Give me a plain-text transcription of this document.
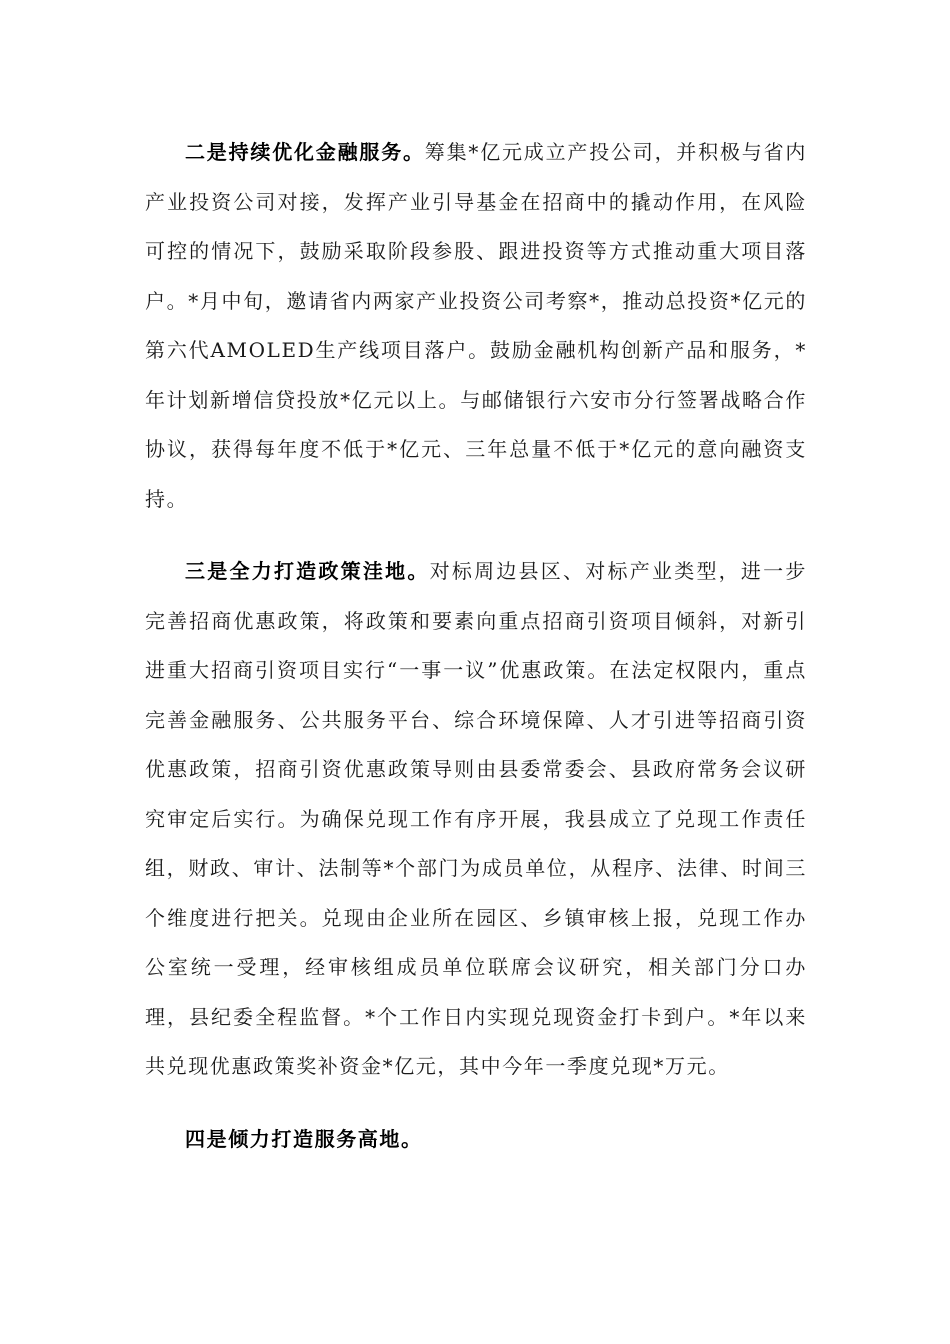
二是持续优化金融服务。筹集*亿元成立产投公司，并积极与省内产业投资公司对接，发挥产业引导基金在招商中的撬动作用，在风险可控的情况下，鼓励采取阶段参股、跟进投资等方式推动重大项目落户。*月中旬，邀请省内两家产业投资公司考察*，推动总投资*亿元的第六代AMOLED生产线项目落户。鼓励金融机构创新产品和服务，*年计划新增信贷投放*亿元以上。与邮储银行六安市分行签署战略合作协议，获得每年度不低于*亿元、三年总量不低于*亿元的意向融资支持。

三是全力打造政策洼地。对标周边县区、对标产业类型，进一步完善招商优惠政策，将政策和要素向重点招商引资项目倾斜，对新引进重大招商引资项目实行“一事一议”优惠政策。在法定权限内，重点完善金融服务、公共服务平台、综合环境保障、人才引进等招商引资优惠政策，招商引资优惠政策导则由县委常委会、县政府常务会议研究审定后实行。为确保兑现工作有序开展，我县成立了兑现工作责任组，财政、审计、法制等*个部门为成员单位，从程序、法律、时间三个维度进行把关。兑现由企业所在园区、乡镇审核上报，兑现工作办公室统一受理，经审核组成员单位联席会议研究，相关部门分口办理，县纪委全程监督。*个工作日内实现兑现资金打卡到户。*年以来共兑现优惠政策奖补资金*亿元，其中今年一季度兑现*万元。

四是倾力打造服务高地。
